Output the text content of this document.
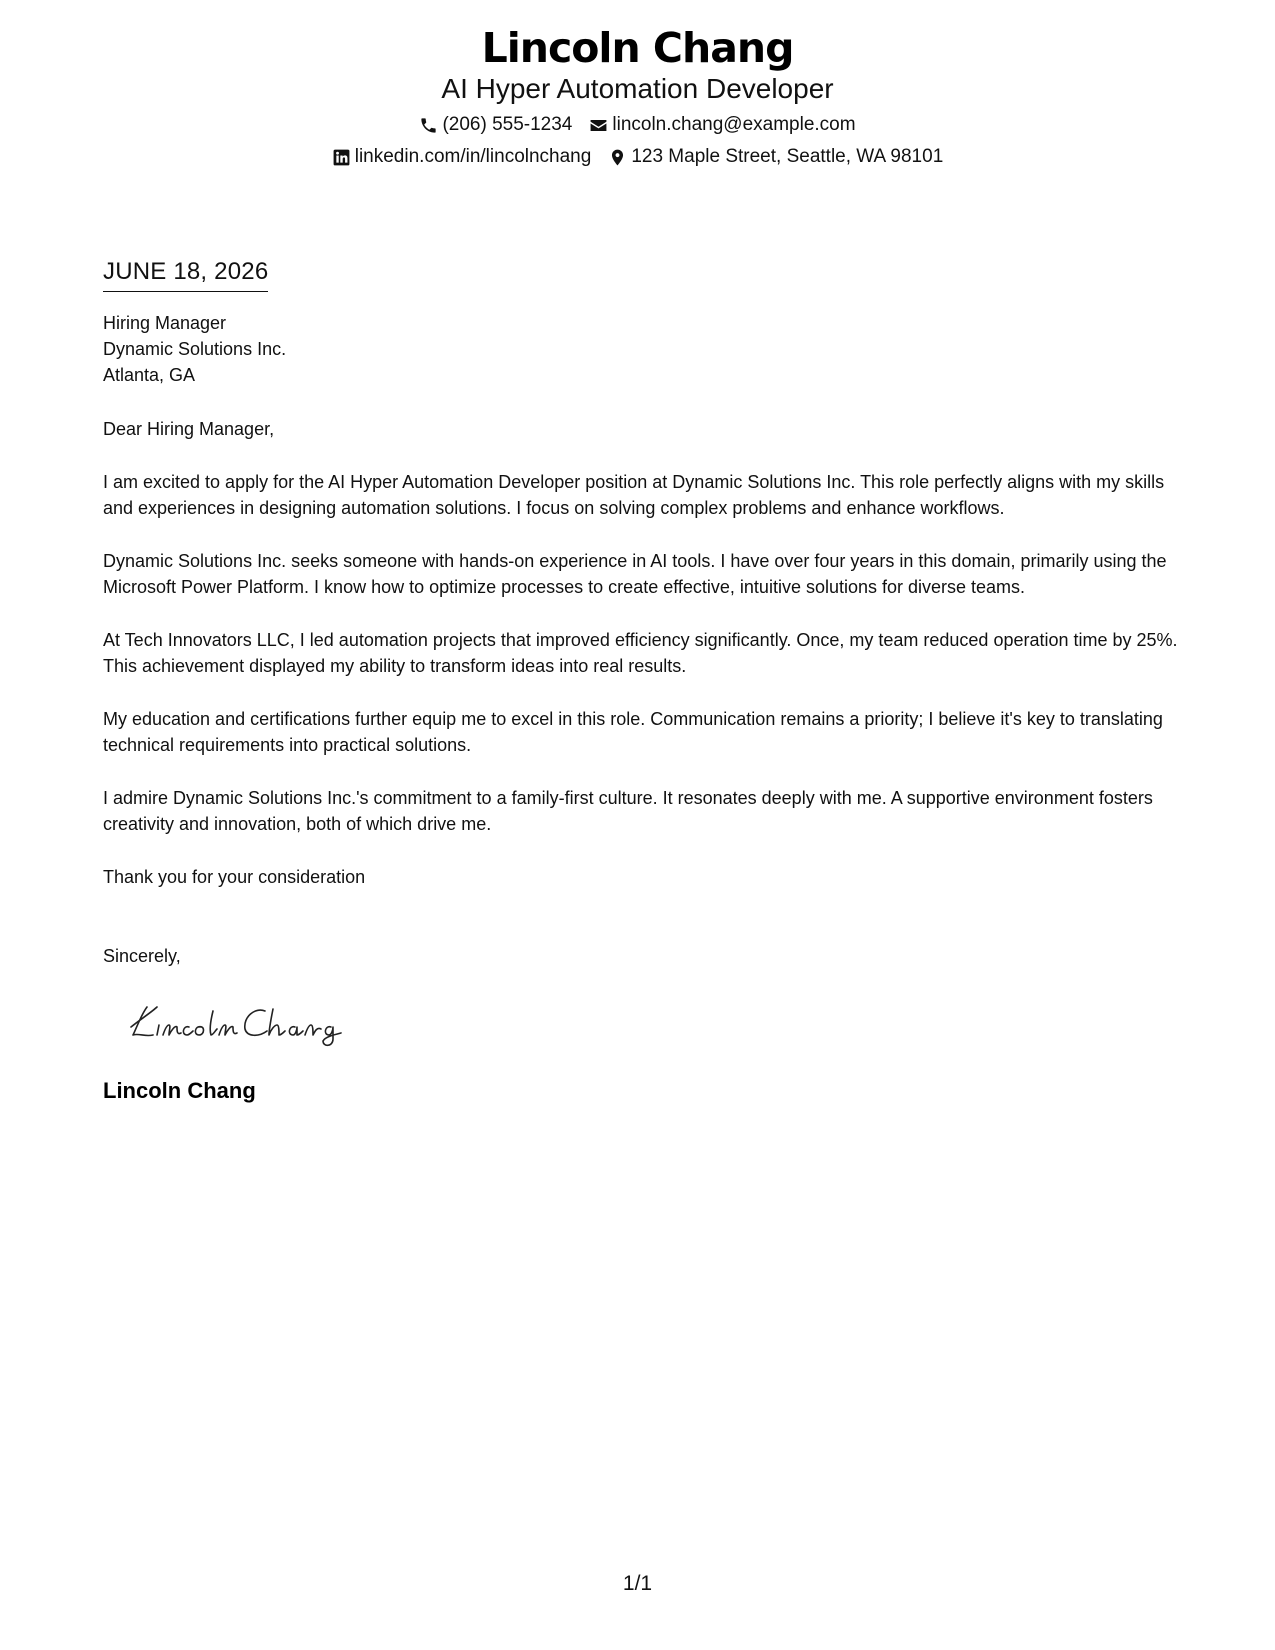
Lincoln Chang
AI Hyper Automation Developer
(206) 555-1234 lincoln.chang@example.com
linkedin.com/in/lincolnchang 123 Maple Street, Seattle, WA 98101
JUNE 18, 2026
Hiring Manager
Dynamic Solutions Inc.
Atlanta, GA
Dear Hiring Manager,
I am excited to apply for the AI Hyper Automation Developer position at Dynamic Solutions Inc. This role perfectly aligns with my skills and experiences in designing automation solutions. I focus on solving complex problems and enhance workflows.
Dynamic Solutions Inc. seeks someone with hands-on experience in AI tools. I have over four years in this domain, primarily using the Microsoft Power Platform. I know how to optimize processes to create effective, intuitive solutions for diverse teams.
At Tech Innovators LLC, I led automation projects that improved efficiency significantly. Once, my team reduced operation time by 25%. This achievement displayed my ability to transform ideas into real results.
My education and certifications further equip me to excel in this role. Communication remains a priority; I believe it's key to translating technical requirements into practical solutions.
I admire Dynamic Solutions Inc.'s commitment to a family-first culture. It resonates deeply with me. A supportive environment fosters creativity and innovation, both of which drive me.
Thank you for your consideration
Sincerely,
Lincoln Chang
1/1
